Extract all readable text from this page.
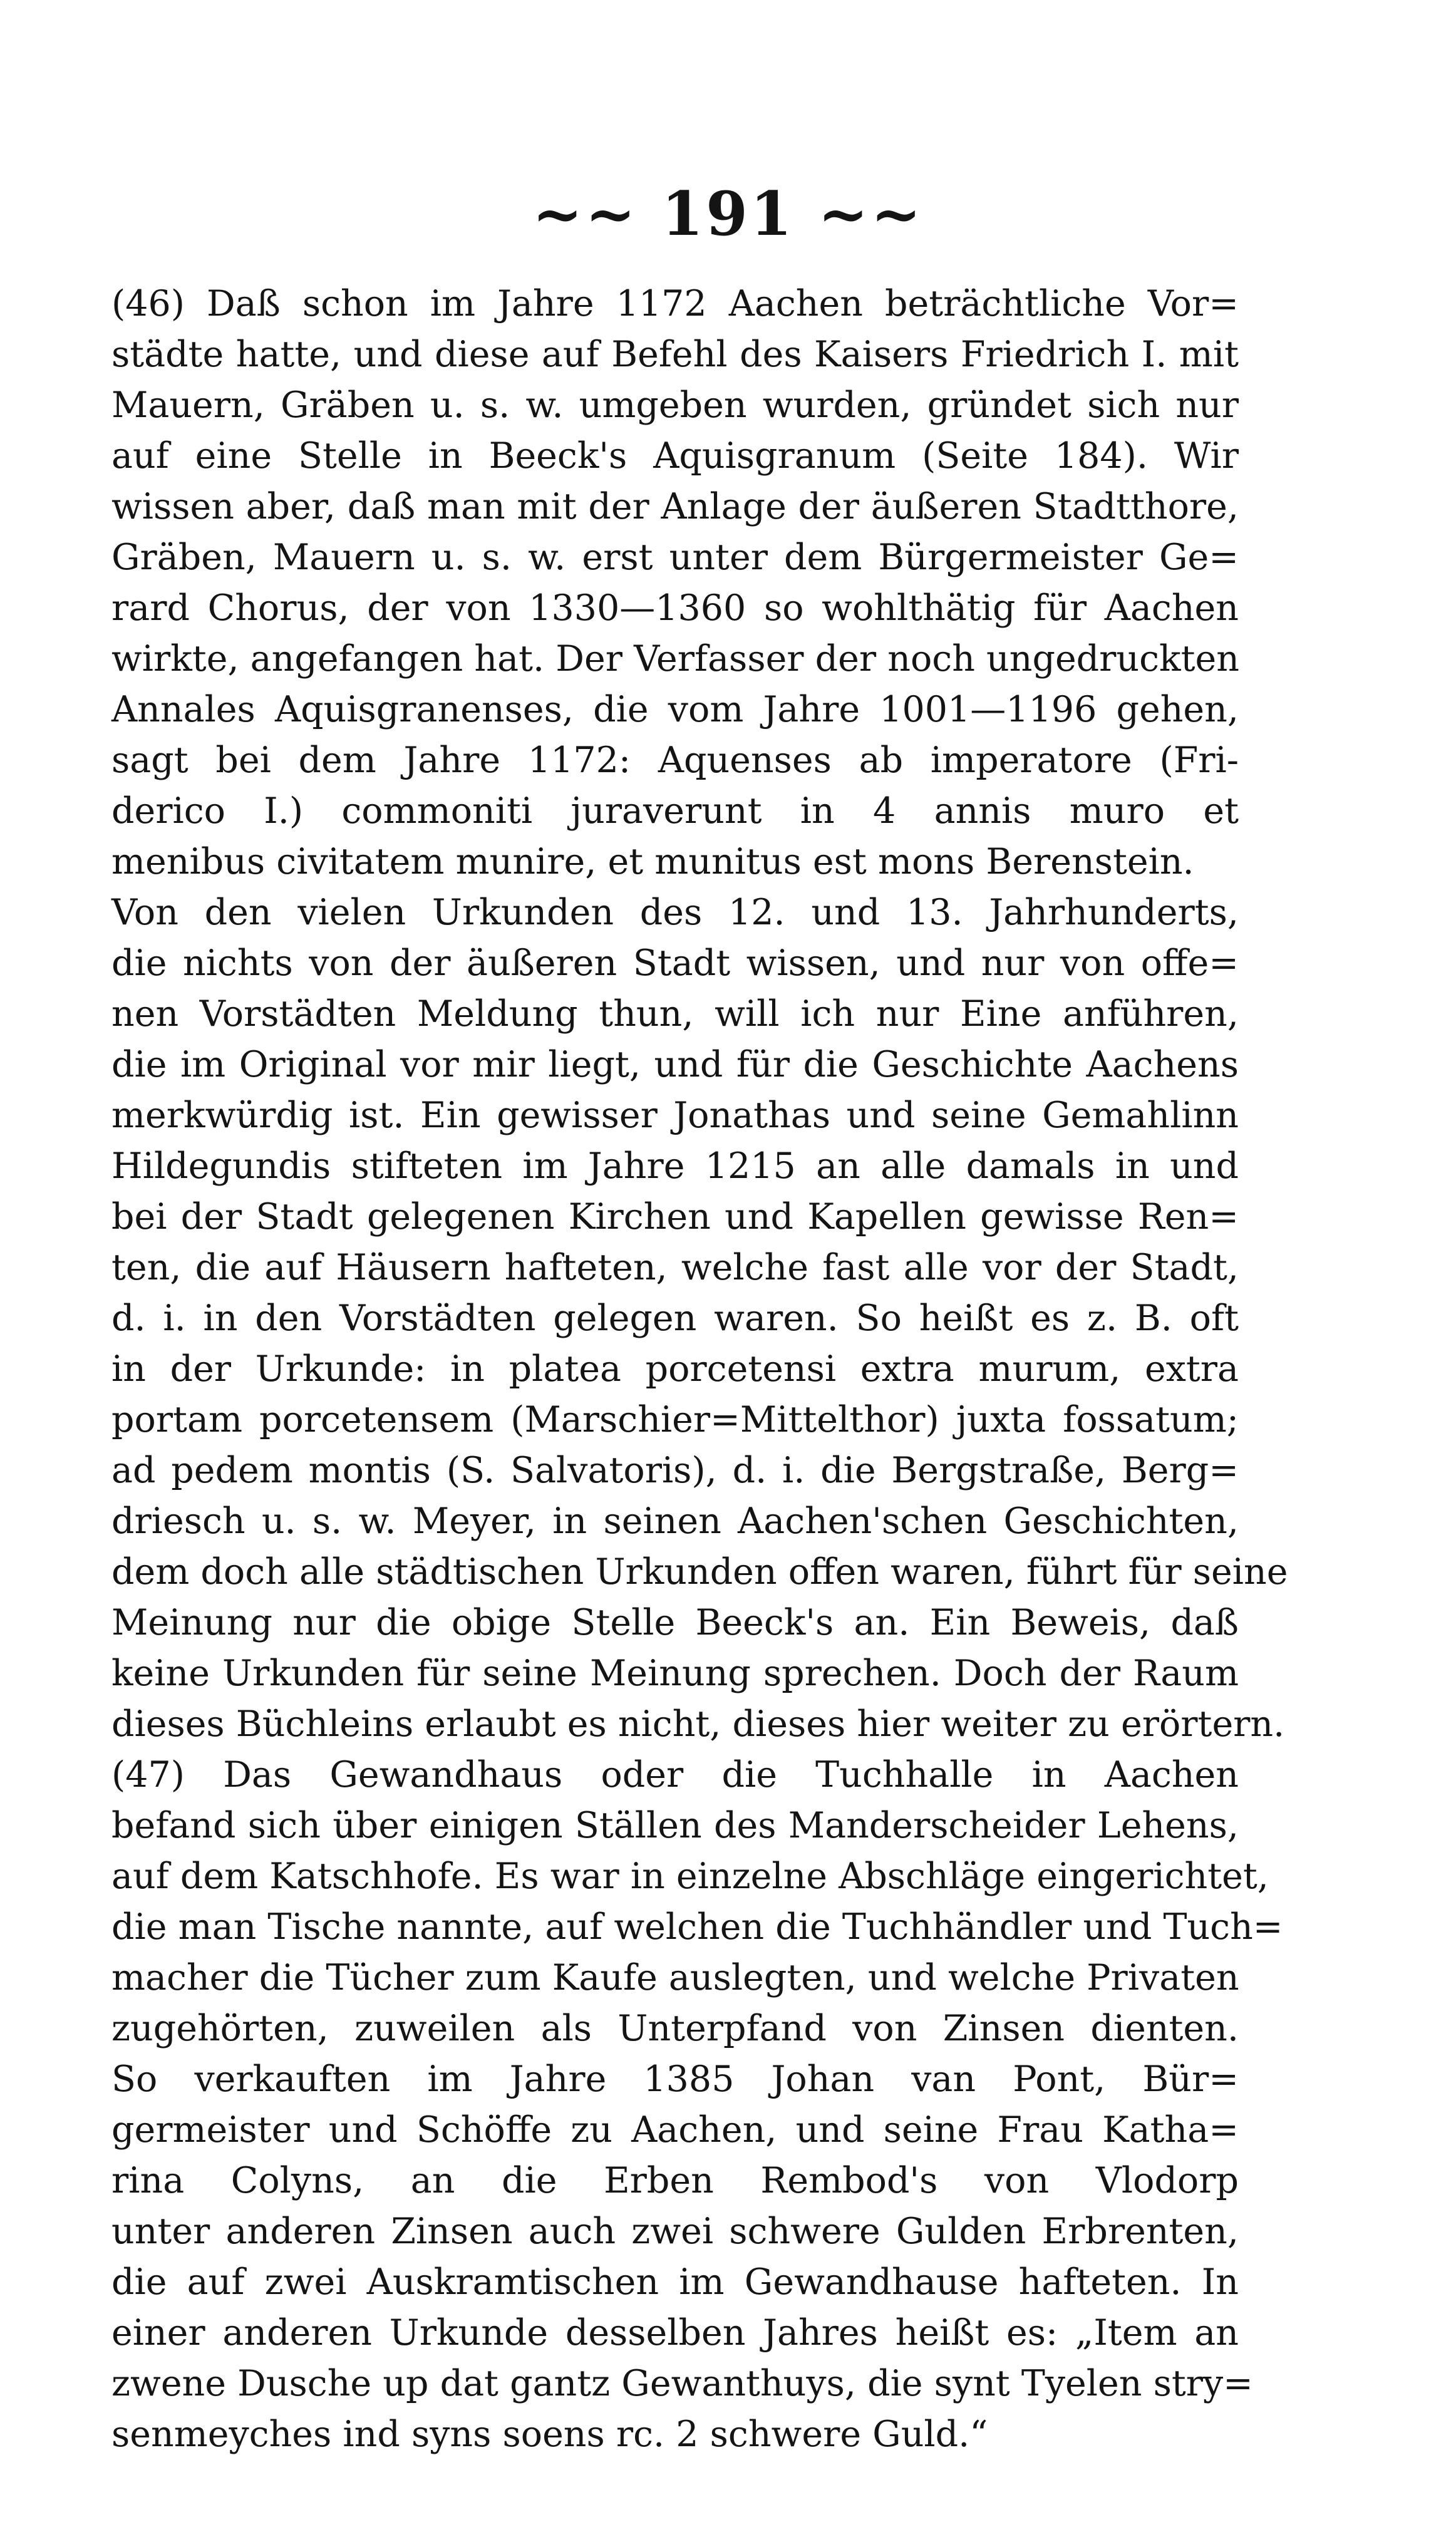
~~ 191 ~~
(46) Daß schon im Jahre 1172 Aachen beträchtliche Vor=
städte hatte, und diese auf Befehl des Kaisers Friedrich I. mit
Mauern, Gräben u. s. w. umgeben wurden, gründet sich nur
auf eine Stelle in Beeck's Aquisgranum (Seite 184). Wir
wissen aber, daß man mit der Anlage der äußeren Stadtthore,
Gräben, Mauern u. s. w. erst unter dem Bürgermeister Ge=
rard Chorus, der von 1330—1360 so wohlthätig für Aachen
wirkte, angefangen hat. Der Verfasser der noch ungedruckten
Annales Aquisgranenses, die vom Jahre 1001—1196 gehen,
sagt bei dem Jahre 1172: Aquenses ab imperatore (Fri-
derico I.) commoniti juraverunt in 4 annis muro et
menibus civitatem munire, et munitus est mons Berenstein.
Von den vielen Urkunden des 12. und 13. Jahrhunderts,
die nichts von der äußeren Stadt wissen, und nur von offe=
nen Vorstädten Meldung thun, will ich nur Eine anführen,
die im Original vor mir liegt, und für die Geschichte Aachens
merkwürdig ist. Ein gewisser Jonathas und seine Gemahlinn
Hildegundis stifteten im Jahre 1215 an alle damals in und
bei der Stadt gelegenen Kirchen und Kapellen gewisse Ren=
ten, die auf Häusern hafteten, welche fast alle vor der Stadt,
d. i. in den Vorstädten gelegen waren. So heißt es z. B. oft
in der Urkunde: in platea porcetensi extra murum, extra
portam porcetensem (Marschier=Mittelthor) juxta fossatum;
ad pedem montis (S. Salvatoris), d. i. die Bergstraße, Berg=
driesch u. s. w. Meyer, in seinen Aachen'schen Geschichten,
dem doch alle städtischen Urkunden offen waren, führt für seine
Meinung nur die obige Stelle Beeck's an. Ein Beweis, daß
keine Urkunden für seine Meinung sprechen. Doch der Raum
dieses Büchleins erlaubt es nicht, dieses hier weiter zu erörtern.
(47) Das Gewandhaus oder die Tuchhalle in Aachen
befand sich über einigen Ställen des Manderscheider Lehens,
auf dem Katschhofe. Es war in einzelne Abschläge eingerichtet,
die man Tische nannte, auf welchen die Tuchhändler und Tuch=
macher die Tücher zum Kaufe auslegten, und welche Privaten
zugehörten, zuweilen als Unterpfand von Zinsen dienten.
So verkauften im Jahre 1385 Johan van Pont, Bür=
germeister und Schöffe zu Aachen, und seine Frau Katha=
rina Colyns, an die Erben Rembod's von Vlodorp
unter anderen Zinsen auch zwei schwere Gulden Erbrenten,
die auf zwei Auskramtischen im Gewandhause hafteten. In
einer anderen Urkunde desselben Jahres heißt es: „Item an
zwene Dusche up dat gantz Gewanthuys, die synt Tyelen stry=
senmeyches ind syns soens rc. 2 schwere Guld.“
